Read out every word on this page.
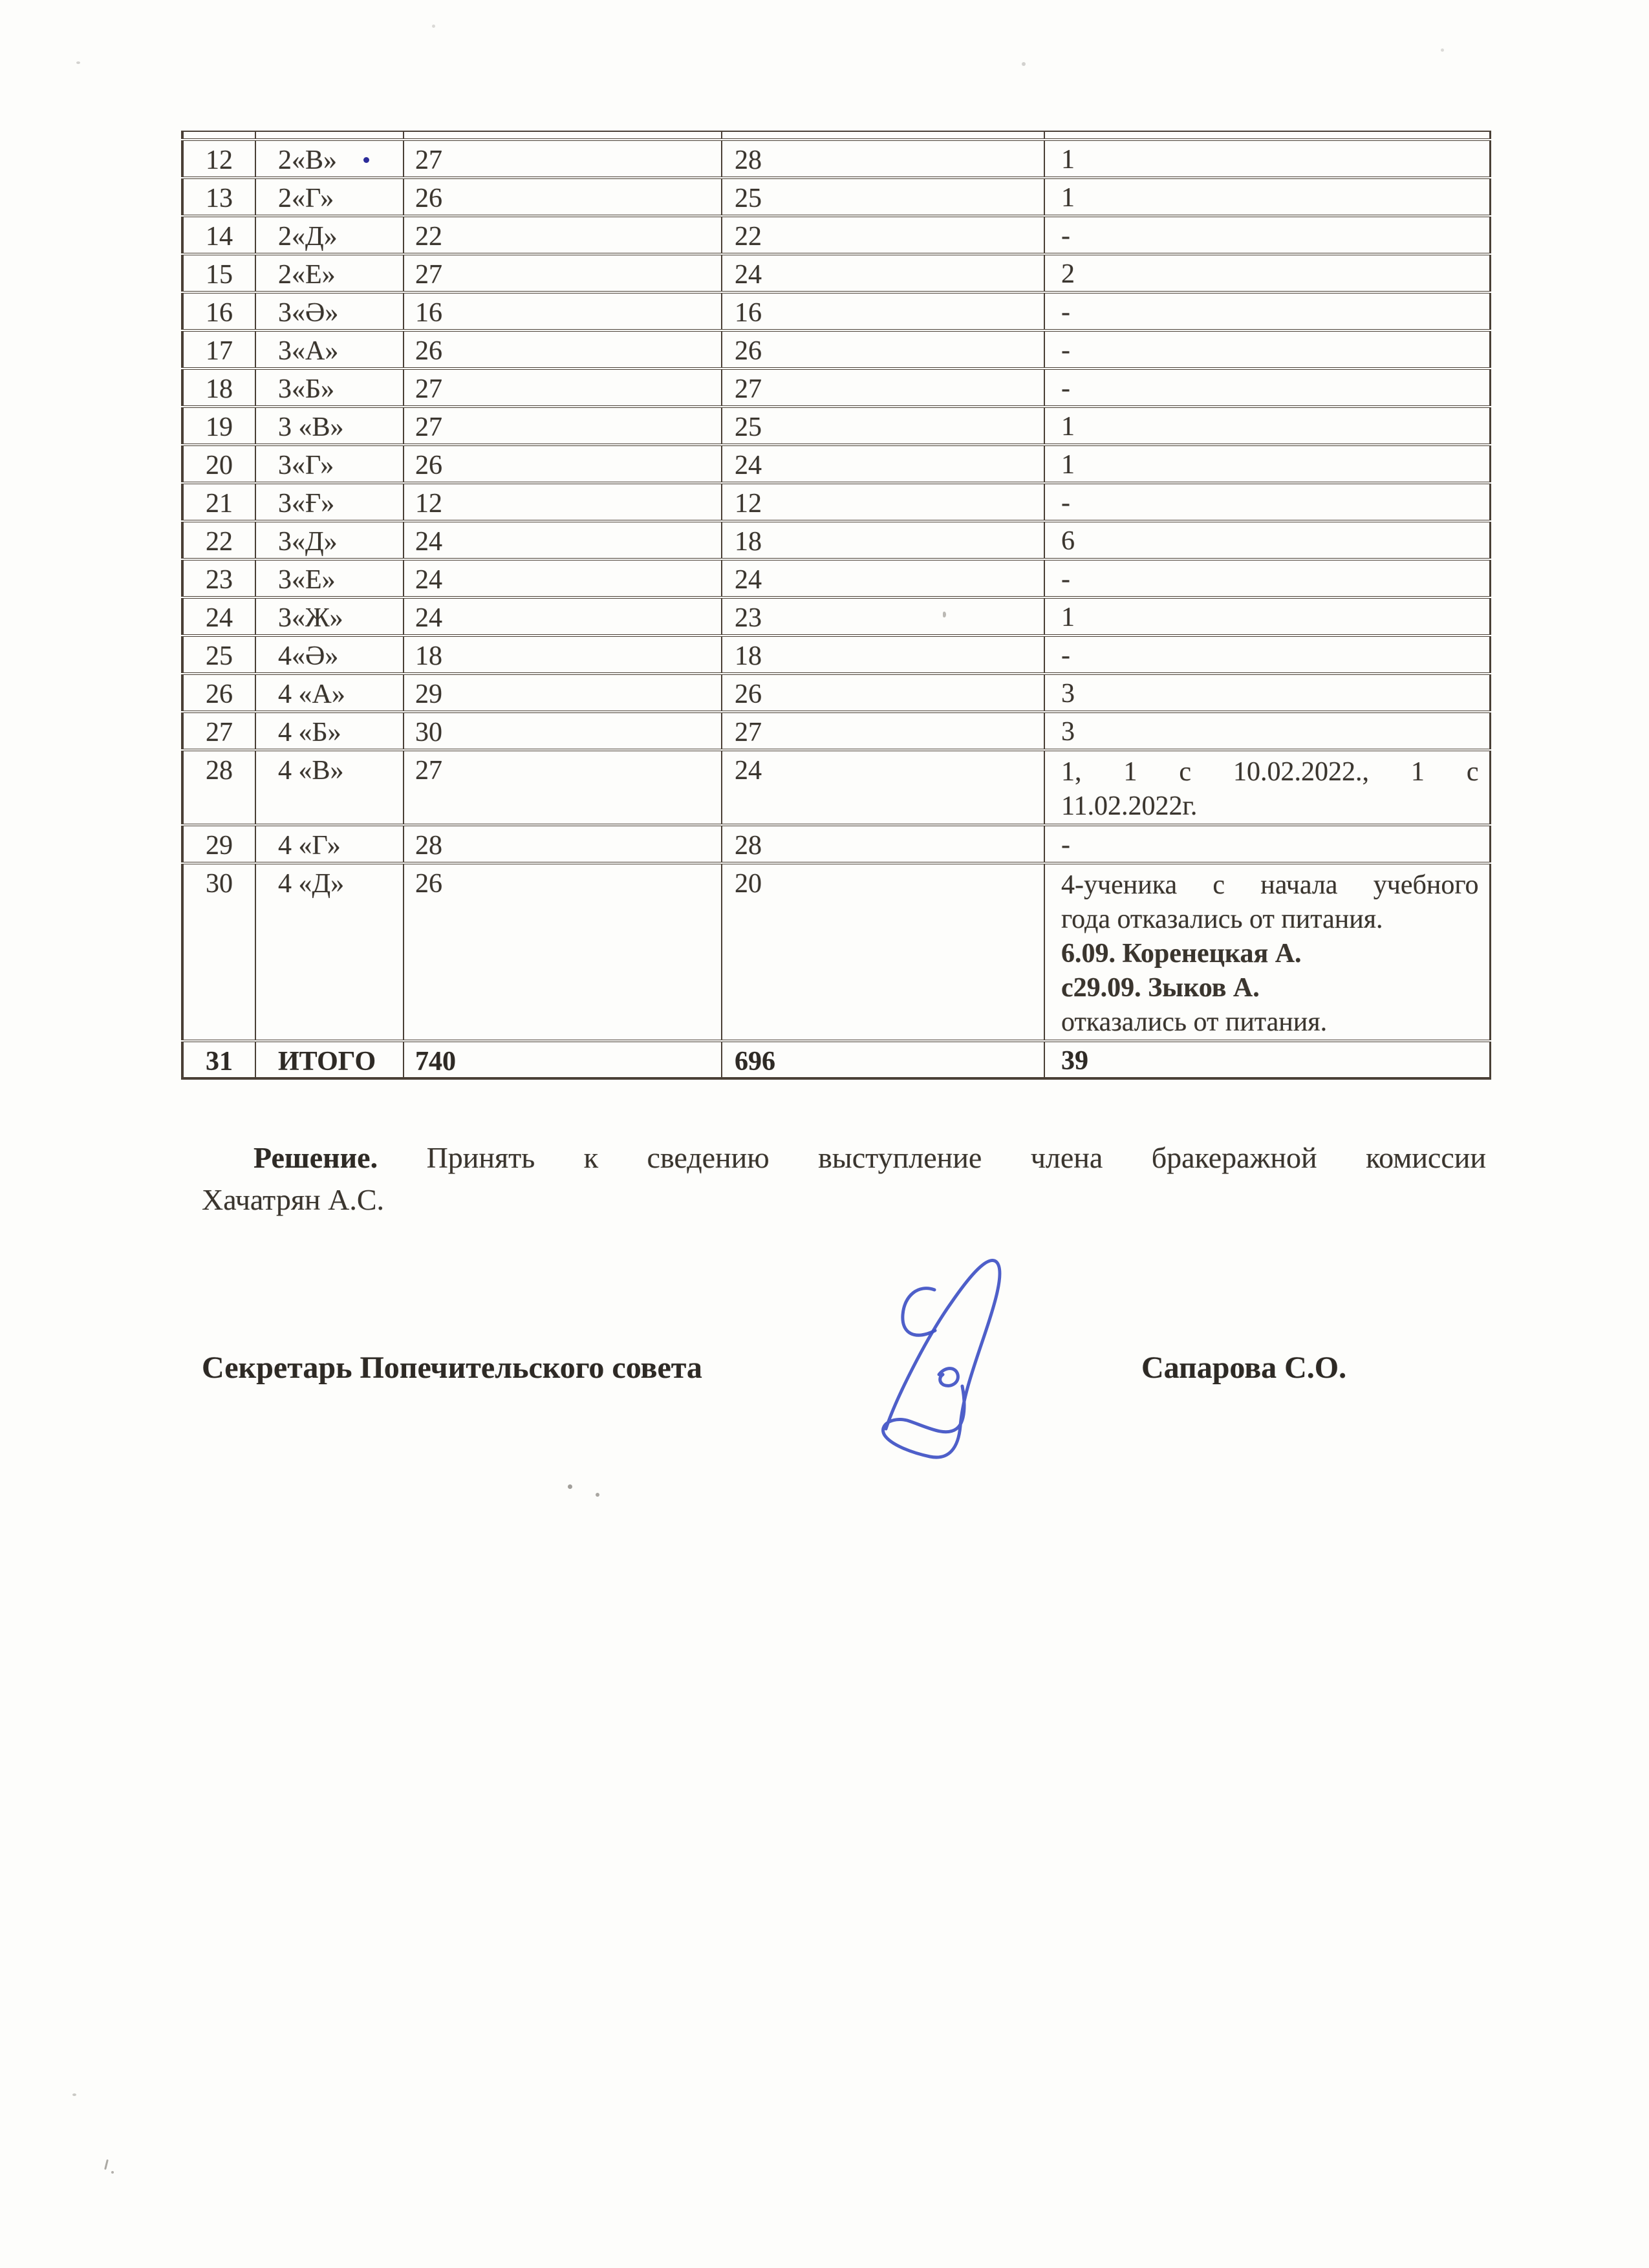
12	2«В»	27	28	1
13	2«Г»	26	25	1
14	2«Д»	22	22	-
15	2«Е»	27	24	2
16	3«Ә»	16	16	-
17	3«А»	26	26	-
18	3«Б»	27	27	-
19	3 «В»	27	25	1
20	3«Г»	26	24	1
21	3«Ғ»	12	12	-
22	3«Д»	24	18	6
23	3«Е»	24	24	-
24	3«Ж»	24	23	1
25	4«Ә»	18	18	-
26	4 «А»	29	26	3
27	4 «Б»	30	27	3
28	4 «В»	27	24	1, 1 с 10.02.2022., 1 с
11.02.2022г.

29	4 «Г»	28	28	-
30	4 «Д»	26	20	4-ученика с начала учебного
года отказались от питания.
6.09. Коренецкая А.
с29.09. Зыков А.
отказались от питания.

31	ИТОГО	740	696	39
Решение. Принять к сведению выступление члена бракеражной комиссии
Хачатрян А.С.
Секретарь Попечительского совета	Сапарова С.О.
